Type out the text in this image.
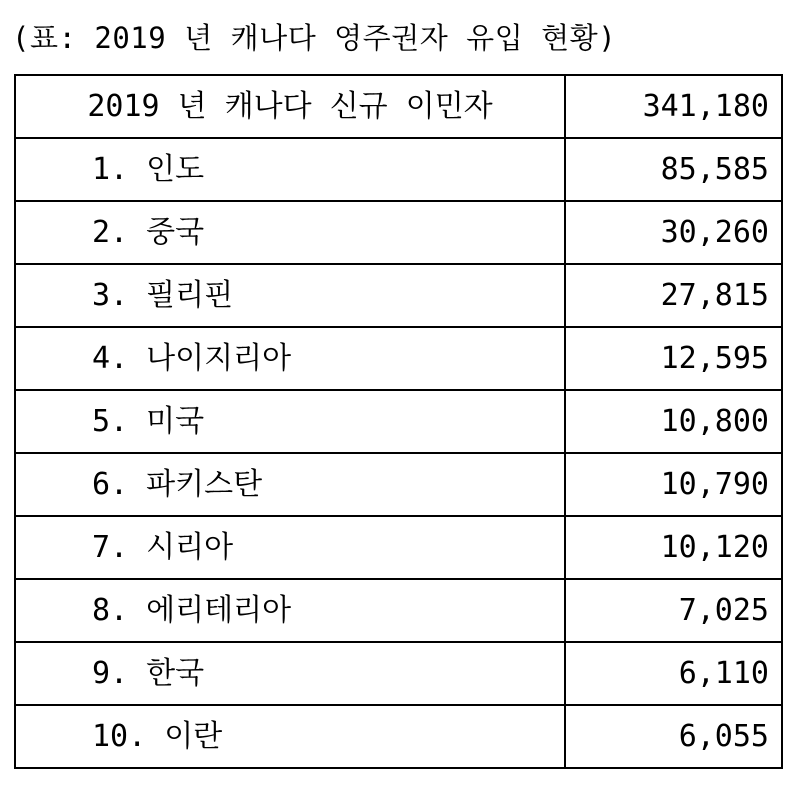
(표: 2019 년 캐나다 영주권자 유입 현황)
2019 년 캐나다 신규 이민자	341,180
1. 인도	85,585
2. 중국	30,260
3. 필리핀	27,815
4. 나이지리아	12,595
5. 미국	10,800
6. 파키스탄	10,790
7. 시리아	10,120
8. 에리테리아	7,025
9. 한국	6,110
10. 이란	6,055
